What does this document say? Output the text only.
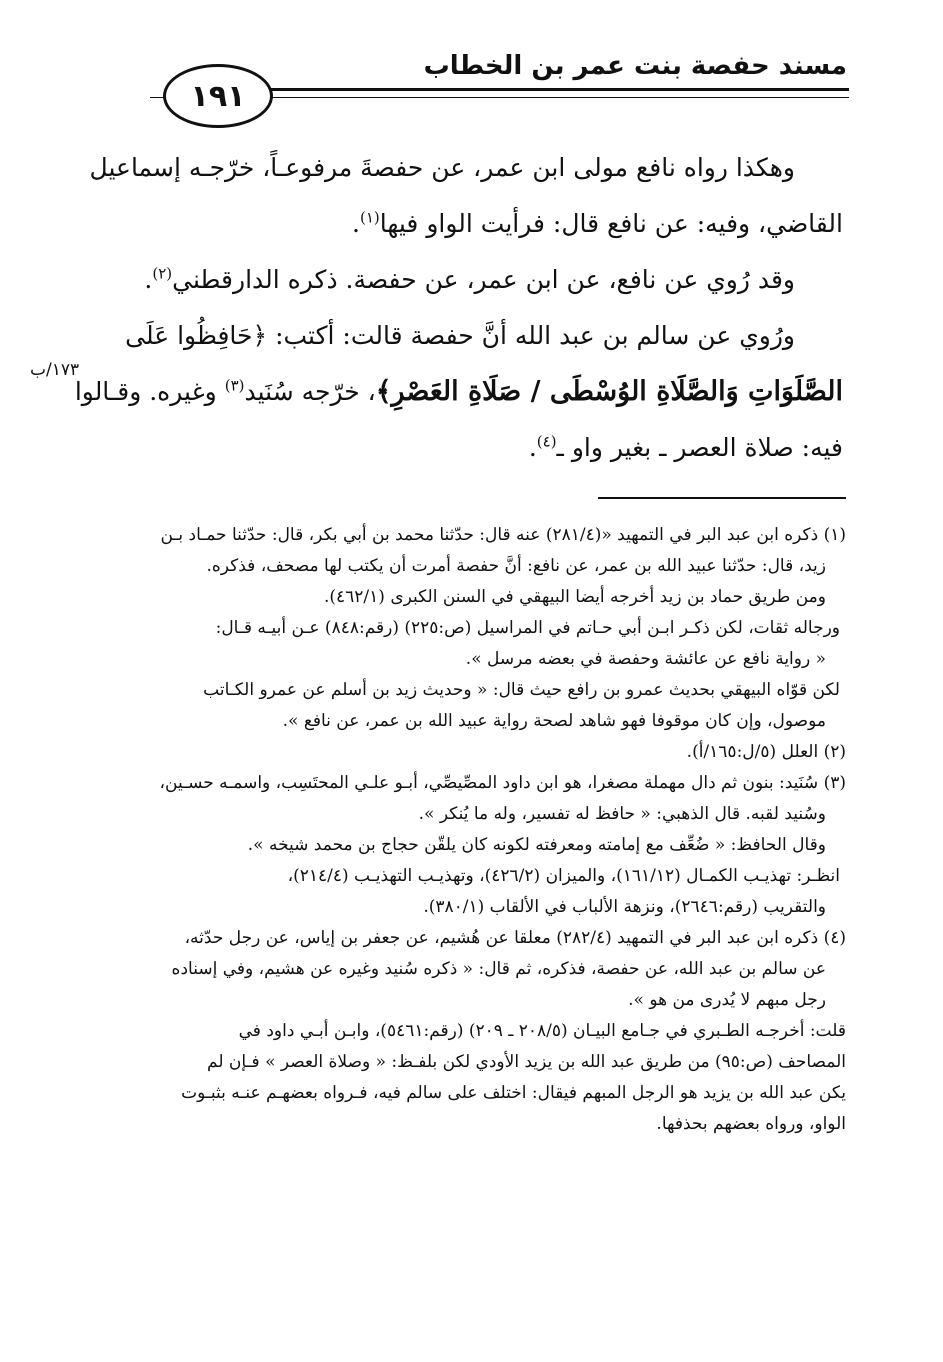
مسند حفصة بنت عمر بن الخطاب
١٩١
وهكذا رواه نافع مولى ابن عمر، عن حفصةَ مرفوعـاً، خرّجـه إسماعيل
القاضي، وفيه: عن نافع قال: فرأيت الواو فيها$^{(١)}$.
وقد رُوي عن نافع، عن ابن عمر، عن حفصة. ذكره الدارقطني$^{(٢)}$.
ورُوي عن سالم بن عبد الله أنَّ حفصة قالت: أكتب: ﴿حَافِظُوا عَلَى
الصَّلَوَاتِ وَالصَّلَاةِ الوُسْطَى / صَلَاةِ العَصْرِ﴾، خرّجه سُنَيد$^{(٣)}$ وغيره. وقـالوا
فيه: صلاة العصر ـ بغير واو ـ$^{(٤)}$.
١٧٣/ب
(١) ذكره ابن عبد البر في التمهيد «(٢٨١/٤) عنه قال: حدّثنا محمد بن أبي بكر، قال: حدّثنا حمـاد بـن
زيد، قال: حدّثنا عبيد الله بن عمر، عن نافع: أنَّ حفصة أمرت أن يكتب لها مصحف، فذكره.
ومن طريق حماد بن زيد أخرجه أيضا البيهقي في السنن الكبرى (٤٦٢/١).
ورجاله ثقات، لكن ذكـر ابـن أبي حـاتم في المراسيل (ص:٢٢٥) (رقم:٨٤٨) عـن أبيـه قـال:
« رواية نافع عن عائشة وحفصة في بعضه مرسل ».
لكن قوّاه البيهقي بحديث عمرو بن رافع حيث قال: « وحديث زيد بن أسلم عن عمرو الكـاتب
موصول، وإن كان موقوفا فهو شاهد لصحة رواية عبيد الله بن عمر، عن نافع ».
(٢) العلل (٥/ل:١٦٥/أ).
(٣) سُنَيد: بنون ثم دال مهملة مصغرا، هو ابن داود المصِّيصِّي، أبـو علـي المحتَسِب، واسمـه حسـين،
وسُنيد لقبه. قال الذهبي: « حافظ له تفسير، وله ما يُنكر ».
وقال الحافظ: « ضُعِّف مع إمامته ومعرفته لكونه كان يلقّن حجاج بن محمد شيخه ».
انظـر: تهذيـب الكمـال (١٦١/١٢)، والميزان (٤٢٦/٢)، وتهذيـب التهذيـب (٢١٤/٤)،
والتقريب (رقم:٢٦٤٦)، ونزهة الألباب في الألقاب (٣٨٠/١).
(٤) ذكره ابن عبد البر في التمهيد (٢٨٢/٤) معلقا عن هُشيم، عن جعفر بن إياس، عن رجل حدّثه،
عن سالم بن عبد الله، عن حفصة، فذكره، ثم قال: « ذكره سُنيد وغيره عن هشيم، وفي إسناده
رجل مبهم لا يُدرى من هو ».
قلت: أخرجـه الطـبري في جـامع البيـان (٢٠٨/٥ ـ ٢٠٩) (رقم:٥٤٦١)، وابـن أبـي داود في
المصاحف (ص:٩٥) من طريق عبد الله بن يزيد الأودي لكن بلفـظ: « وصلاة العصر » فـإن لم
يكن عبد الله بن يزيد هو الرجل المبهم فيقال: اختلف على سالم فيه، فـرواه بعضهـم عنـه بثبـوت
الواو، ورواه بعضهم بحذفها.
